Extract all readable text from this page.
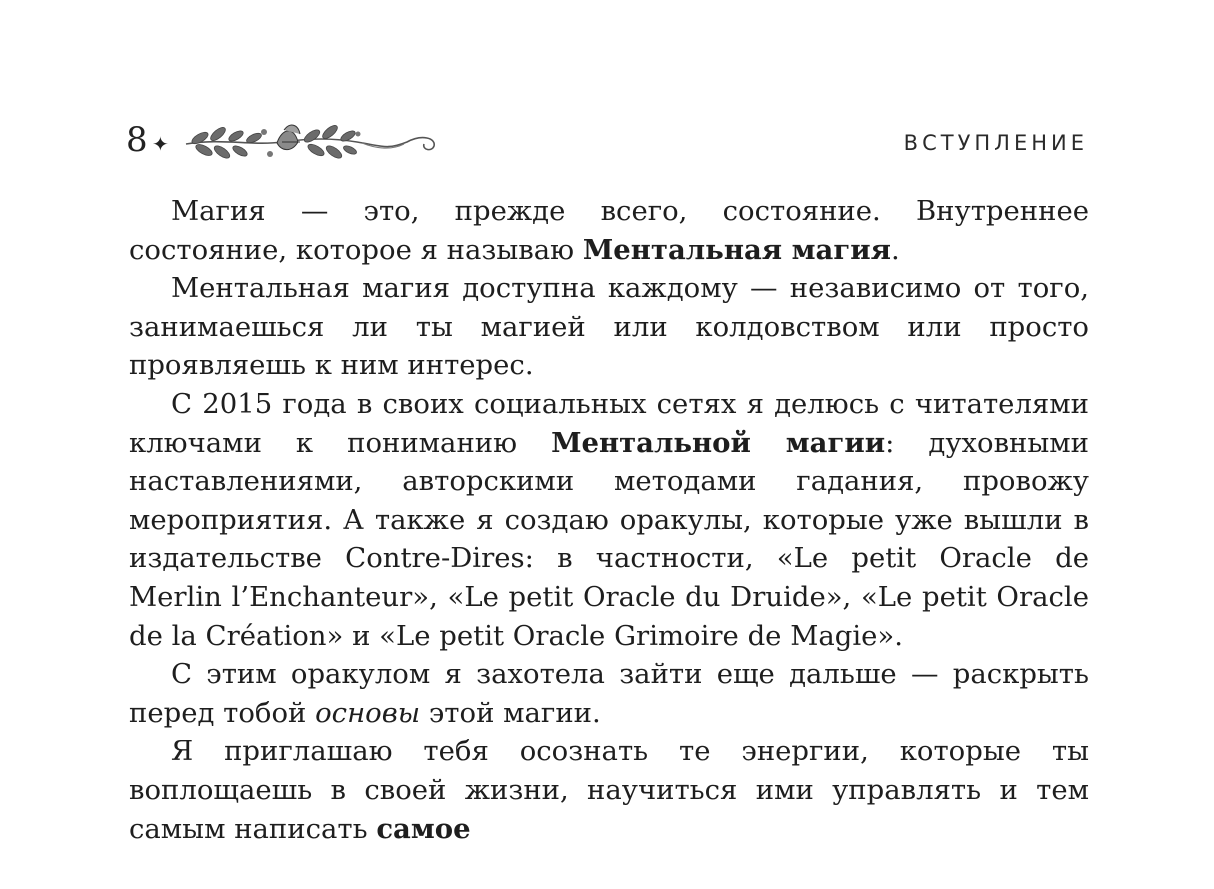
8 ✦	ВСТУПЛЕНИЕ

Магия — это, прежде всего, состояние. Внутреннее состояние, которое я называю Ментальная магия.

Ментальная магия доступна каждому — независимо от того, занимаешься ли ты магией или колдовством или просто проявляешь к ним интерес.

С 2015 года в своих социальных сетях я делюсь с читателями ключами к пониманию Ментальной магии: духовными наставлениями, авторскими методами гадания, провожу мероприятия. А также я создаю оракулы, которые уже вышли в издательстве Contre-Dires: в частности, «Le petit Oracle de Merlin l’Enchanteur», «Le petit Oracle du Druide», «Le petit Oracle de la Création» и «Le petit Oracle Grimoire de Magie».

С этим оракулом я захотела зайти еще дальше — раскрыть перед тобой основы этой магии.

Я приглашаю тебя осознать те энергии, которые ты воплощаешь в своей жизни, научиться ими управлять и тем самым написать самое
